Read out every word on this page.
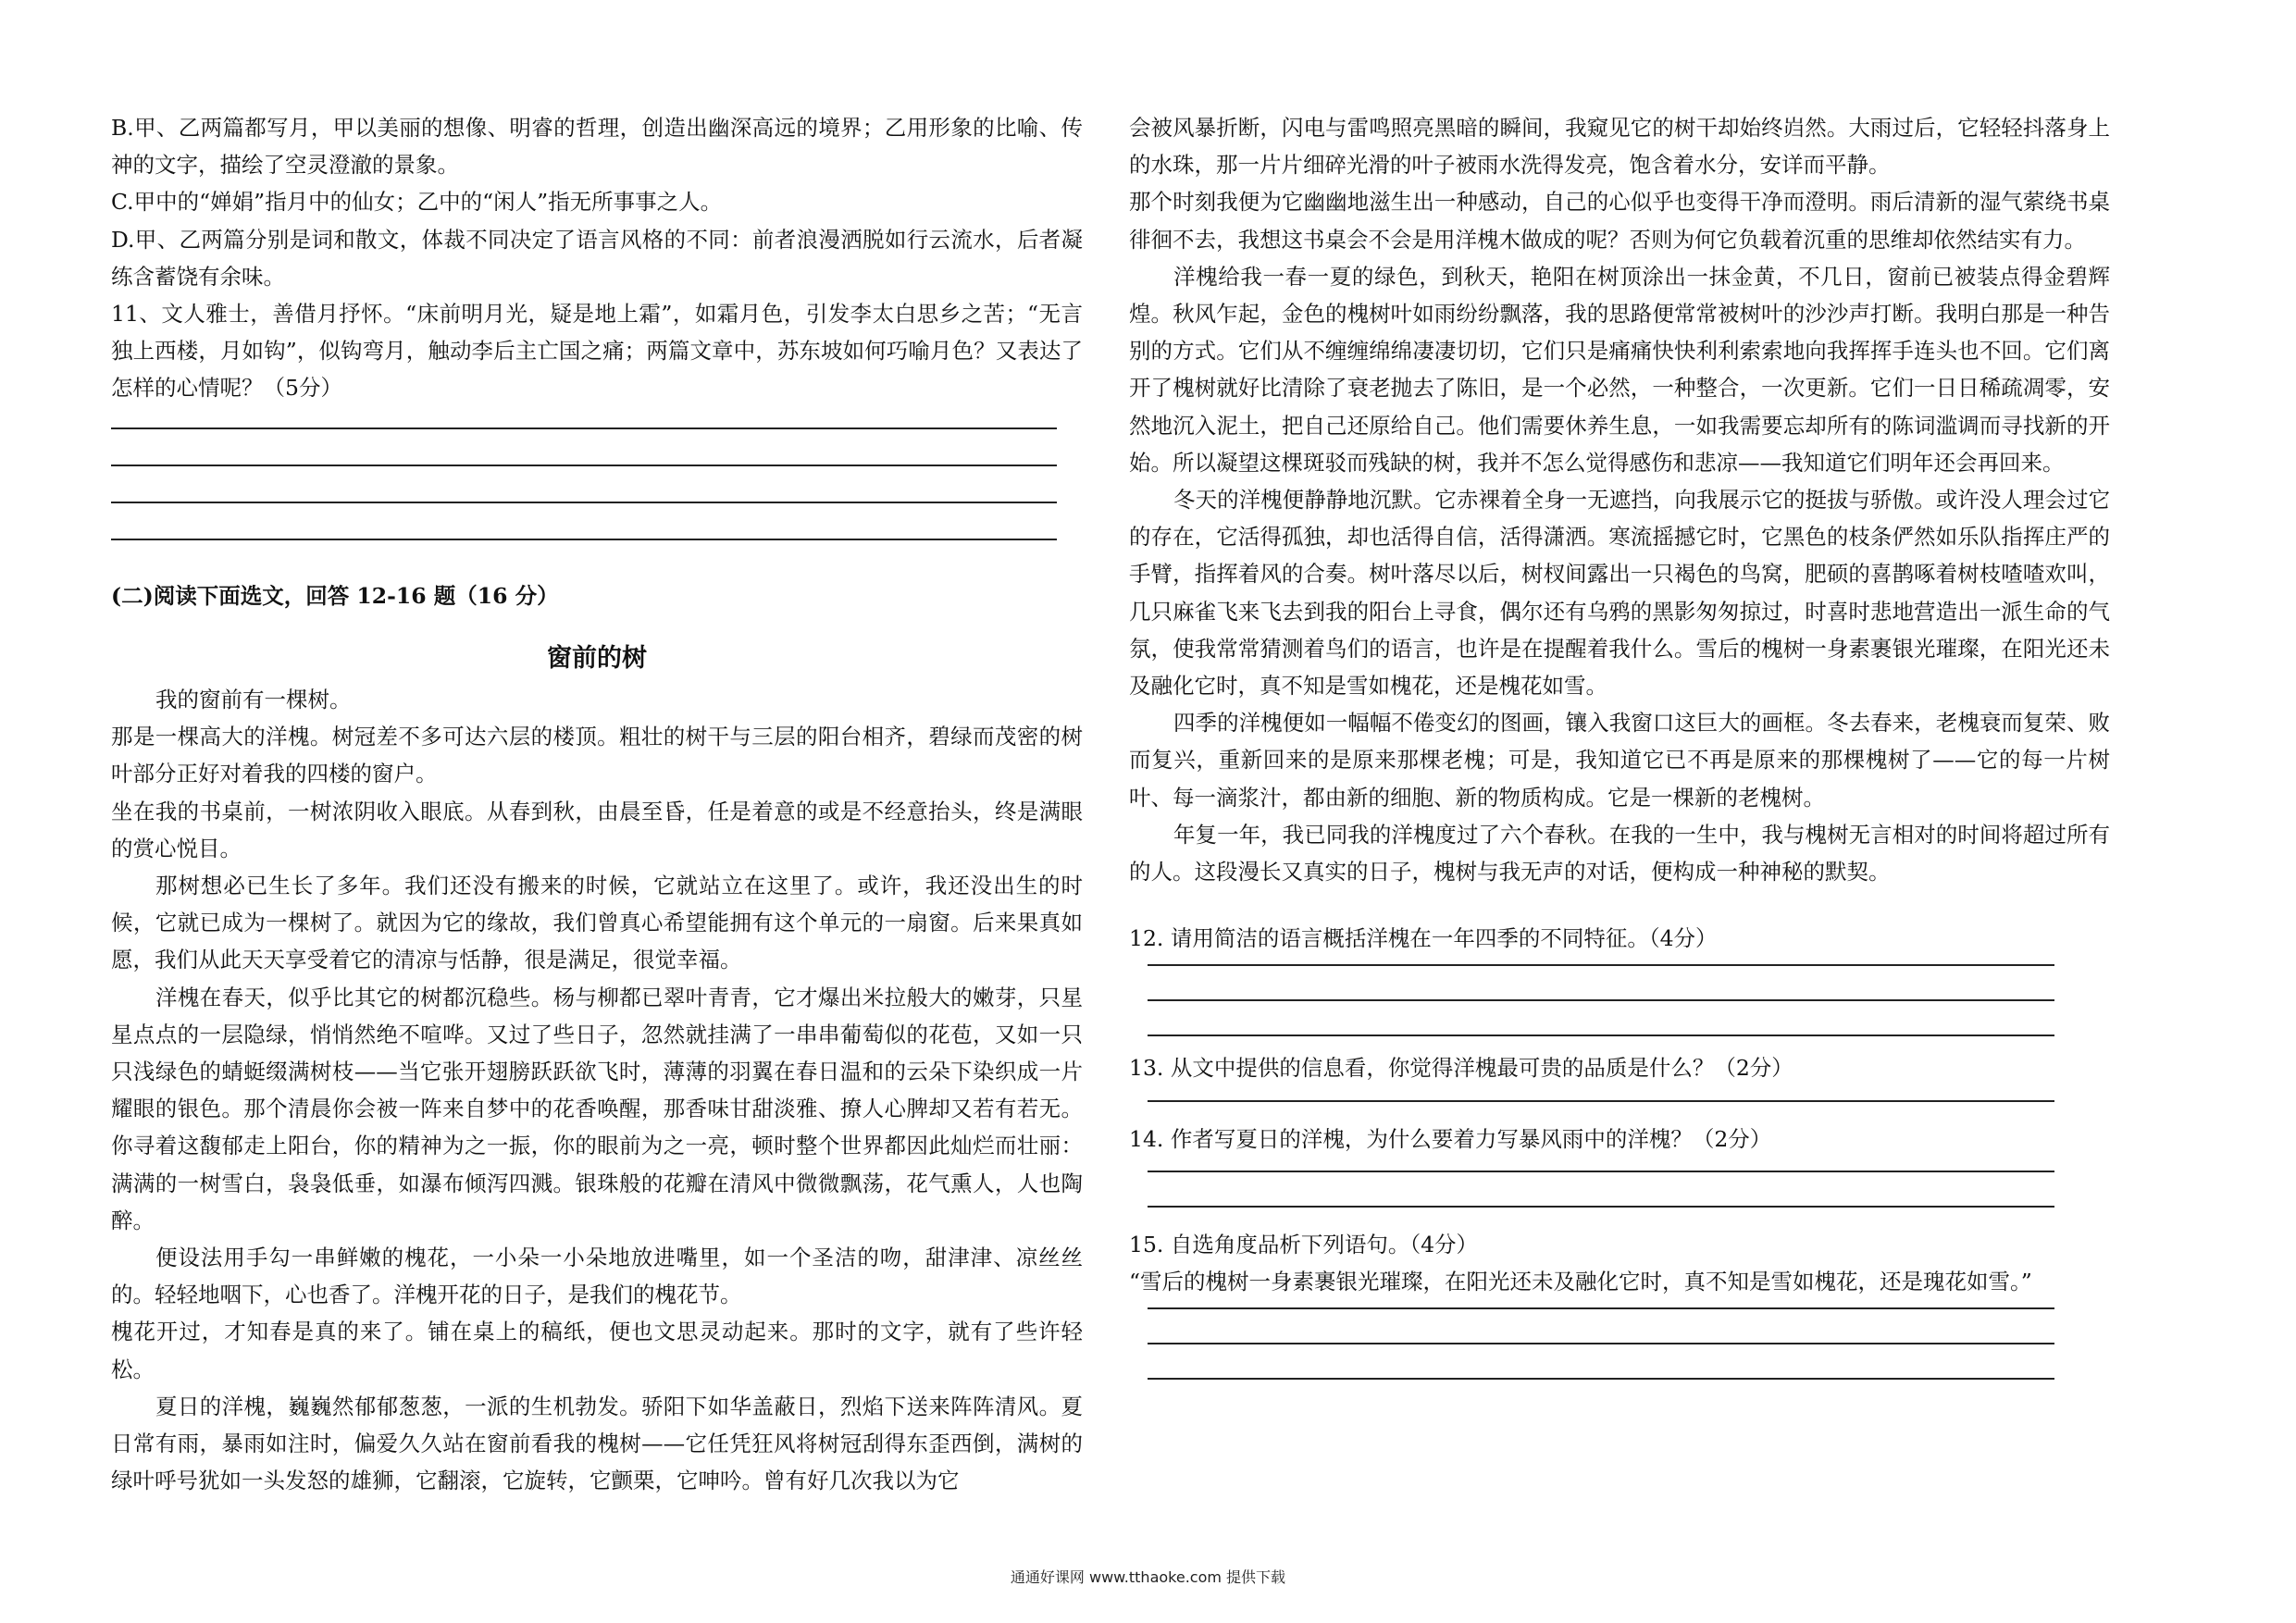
B.甲、乙两篇都写月，甲以美丽的想像、明睿的哲理，创造出幽深高远的境界；乙用形象的比喻、传神的文字，描绘了空灵澄澈的景象。

C.甲中的“婵娟”指月中的仙女；乙中的“闲人”指无所事事之人。

D.甲、乙两篇分别是词和散文，体裁不同决定了语言风格的不同：前者浪漫洒脱如行云流水，后者凝练含蓄饶有余味。

11、文人雅士，善借月抒怀。“床前明月光，疑是地上霜”，如霜月色，引发李太白思乡之苦；“无言独上西楼，月如钩”，似钩弯月，触动李后主亡国之痛；两篇文章中，苏东坡如何巧喻月色？又表达了怎样的心情呢？（5分）

(二)阅读下面选文，回答 12-16 题（16 分）

窗前的树

我的窗前有一棵树。

那是一棵高大的洋槐。树冠差不多可达六层的楼顶。粗壮的树干与三层的阳台相齐，碧绿而茂密的树叶部分正好对着我的四楼的窗户。

坐在我的书桌前，一树浓阴收入眼底。从春到秋，由晨至昏，任是着意的或是不经意抬头，终是满眼的赏心悦目。

那树想必已生长了多年。我们还没有搬来的时候，它就站立在这里了。或许，我还没出生的时候，它就已成为一棵树了。就因为它的缘故，我们曾真心希望能拥有这个单元的一扇窗。后来果真如愿，我们从此天天享受着它的清凉与恬静，很是满足，很觉幸福。

洋槐在春天，似乎比其它的树都沉稳些。杨与柳都已翠叶青青，它才爆出米拉般大的嫩芽，只星星点点的一层隐绿，悄悄然绝不喧哗。又过了些日子，忽然就挂满了一串串葡萄似的花苞，又如一只只浅绿色的蜻蜓缀满树枝——当它张开翅膀跃跃欲飞时，薄薄的羽翼在春日温和的云朵下染织成一片耀眼的银色。那个清晨你会被一阵来自梦中的花香唤醒，那香味甘甜淡雅、撩人心脾却又若有若无。你寻着这馥郁走上阳台，你的精神为之一振，你的眼前为之一亮，顿时整个世界都因此灿烂而壮丽：满满的一树雪白，袅袅低垂，如瀑布倾泻四溅。银珠般的花瓣在清风中微微飘荡，花气熏人，人也陶醉。

便设法用手勾一串鲜嫩的槐花，一小朵一小朵地放进嘴里，如一个圣洁的吻，甜津津、凉丝丝的。轻轻地咽下，心也香了。洋槐开花的日子，是我们的槐花节。

槐花开过，才知春是真的来了。铺在桌上的稿纸，便也文思灵动起来。那时的文字，就有了些许轻松。

夏日的洋槐，巍巍然郁郁葱葱，一派的生机勃发。骄阳下如华盖蔽日，烈焰下送来阵阵清风。夏日常有雨，暴雨如注时，偏爱久久站在窗前看我的槐树——它任凭狂风将树冠刮得东歪西倒，满树的绿叶呼号犹如一头发怒的雄狮，它翻滚，它旋转，它颤栗，它呻吟。曾有好几次我以为它

会被风暴折断，闪电与雷鸣照亮黑暗的瞬间，我窥见它的树干却始终岿然。大雨过后，它轻轻抖落身上的水珠，那一片片细碎光滑的叶子被雨水洗得发亮，饱含着水分，安详而平静。

那个时刻我便为它幽幽地滋生出一种感动，自己的心似乎也变得干净而澄明。雨后清新的湿气萦绕书桌徘徊不去，我想这书桌会不会是用洋槐木做成的呢？否则为何它负载着沉重的思维却依然结实有力。

洋槐给我一春一夏的绿色，到秋天，艳阳在树顶涂出一抹金黄，不几日，窗前已被装点得金碧辉煌。秋风乍起，金色的槐树叶如雨纷纷飘落，我的思路便常常被树叶的沙沙声打断。我明白那是一种告别的方式。它们从不缠缠绵绵凄凄切切，它们只是痛痛快快利利索索地向我挥挥手连头也不回。它们离开了槐树就好比清除了衰老抛去了陈旧，是一个必然，一种整合，一次更新。它们一日日稀疏凋零，安然地沉入泥土，把自己还原给自己。他们需要休养生息，一如我需要忘却所有的陈词滥调而寻找新的开始。所以凝望这棵斑驳而残缺的树，我并不怎么觉得感伤和悲凉——我知道它们明年还会再回来。

冬天的洋槐便静静地沉默。它赤裸着全身一无遮挡，向我展示它的挺拔与骄傲。或许没人理会过它的存在，它活得孤独，却也活得自信，活得潇洒。寒流摇撼它时，它黑色的枝条俨然如乐队指挥庄严的手臂，指挥着风的合奏。树叶落尽以后，树杈间露出一只褐色的鸟窝，肥硕的喜鹊啄着树枝喳喳欢叫，几只麻雀飞来飞去到我的阳台上寻食，偶尔还有乌鸦的黑影匆匆掠过，时喜时悲地营造出一派生命的气氛，使我常常猜测着鸟们的语言，也许是在提醒着我什么。雪后的槐树一身素裹银光璀璨，在阳光还未及融化它时，真不知是雪如槐花，还是槐花如雪。

四季的洋槐便如一幅幅不倦变幻的图画，镶入我窗口这巨大的画框。冬去春来，老槐衰而复荣、败而复兴，重新回来的是原来那棵老槐；可是，我知道它已不再是原来的那棵槐树了——它的每一片树叶、每一滴浆汁，都由新的细胞、新的物质构成。它是一棵新的老槐树。

年复一年，我已同我的洋槐度过了六个春秋。在我的一生中，我与槐树无言相对的时间将超过所有的人。这段漫长又真实的日子，槐树与我无声的对话，便构成一种神秘的默契。

12. 请用简洁的语言概括洋槐在一年四季的不同特征。（4分）

13. 从文中提供的信息看，你觉得洋槐最可贵的品质是什么？（2分）

14. 作者写夏日的洋槐，为什么要着力写暴风雨中的洋槐？（2分）

15. 自选角度品析下列语句。（4分）

“雪后的槐树一身素裹银光璀璨，在阳光还未及融化它时，真不知是雪如槐花，还是瑰花如雪。”

通通好课网 www.tthaoke.com 提供下载
